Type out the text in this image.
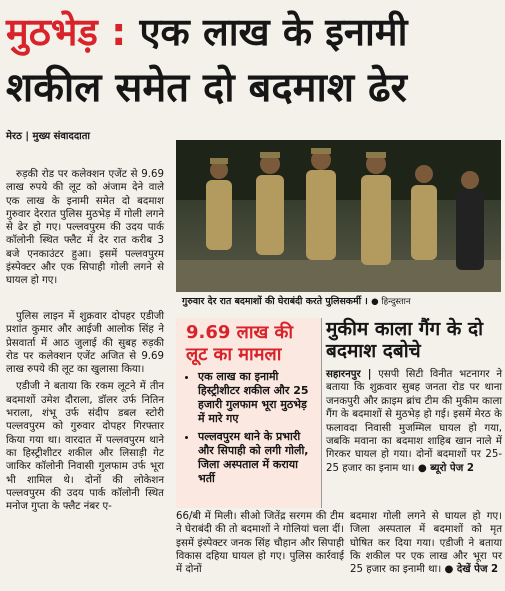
मुठभेड़ : एक लाख के इनामी
शकील समेत दो बदमाश ढेर
मेरठ | मुख्य संवाददाता

रुड़की रोड पर कलेक्शन एजेंट से 9.69 लाख रुपये की लूट को अंजाम देने वाले एक लाख के इनामी समेत दो बदमाश गुरुवार देररात पुलिस मुठभेड़ में गोली लगने से ढेर हो गए। पल्लवपुरम की उदय पार्क कॉलोनी स्थित फ्लैट में देर रात करीब 3 बजे एनकाउंटर हुआ। इसमें पल्लवपुरम इंस्पेक्टर और एक सिपाही गोली लगने से घायल हो गए।

पुलिस लाइन में शुक्रवार दोपहर एडीजी प्रशांत कुमार और आईजी आलोक सिंह ने प्रेसवार्ता में आठ जुलाई की सुबह रुड़की रोड पर कलेक्शन एजेंट अजित से 9.69 लाख रुपये की लूट का खुलासा किया।

एडीजी ने बताया कि रकम लूटने में तीन बदमाशों उमेश दौराला, डॉलर उर्फ नितिन भराला, शंभू उर्फ संदीप डबल स्टोरी पल्लवपुरम को गुरुवार दोपहर गिरफ्तार किया गया था। वारदात में पल्लवपुरम थाने का हिस्ट्रीशीटर शकील और लिसाड़ी गेट जाकिर कॉलोनी निवासी गुलफाम उर्फ भूरा भी शामिल थे। दोनों की लोकेशन पल्लवपुरम की उदय पार्क कॉलोनी स्थित मनोज गुप्ता के फ्लैट नंबर ए-

गुरुवार देर रात बदमाशों की घेराबंदी करते पुलिसकर्मी । ● हिन्दुस्तान
9.69 लाख की लूट का मामला
• एक लाख का इनामी हिस्ट्रीशीटर शकील और 25 हजारी गुलफाम भूरा मुठभेड़ में मारे गए
• पल्लवपुरम थाने के प्रभारी और सिपाही को लगी गोली, जिला अस्पताल में कराया भर्ती
मुकीम काला गैंग के दो बदमाश दबोचे
सहारनपुर | एसपी सिटी विनीत भटनागर ने बताया कि शुक्रवार सुबह जनता रोड पर थाना जनकपुरी और क्राइम ब्रांच टीम की मुकीम काला गैंग के बदमाशों से मुठभेड़ हो गई। इसमें मेरठ के फलावदा निवासी मुजम्मिल घायल हो गया, जबकि मवाना का बदमाश शाहिब खान नाले में गिरकर घायल हो गया। दोनों बदमाशों पर 25-25 हजार का इनाम था। ● ब्यूरो पेज 2
66/बी में मिली। सीओ जितेंद्र सरगम की टीम ने घेराबंदी की तो बदमाशों ने गोलियां चला दीं। इसमें इंस्पेक्टर जनक सिंह चौहान और सिपाही विकास दहिया घायल हो गए। पुलिस कार्रवाई में दोनों
बदमाश गोली लगने से घायल हो गए। जिला अस्पताल में बदमाशों को मृत घोषित कर दिया गया। एडीजी ने बताया कि शकील पर एक लाख और भूरा पर 25 हजार का इनामी था। ● देखें पेज 2
